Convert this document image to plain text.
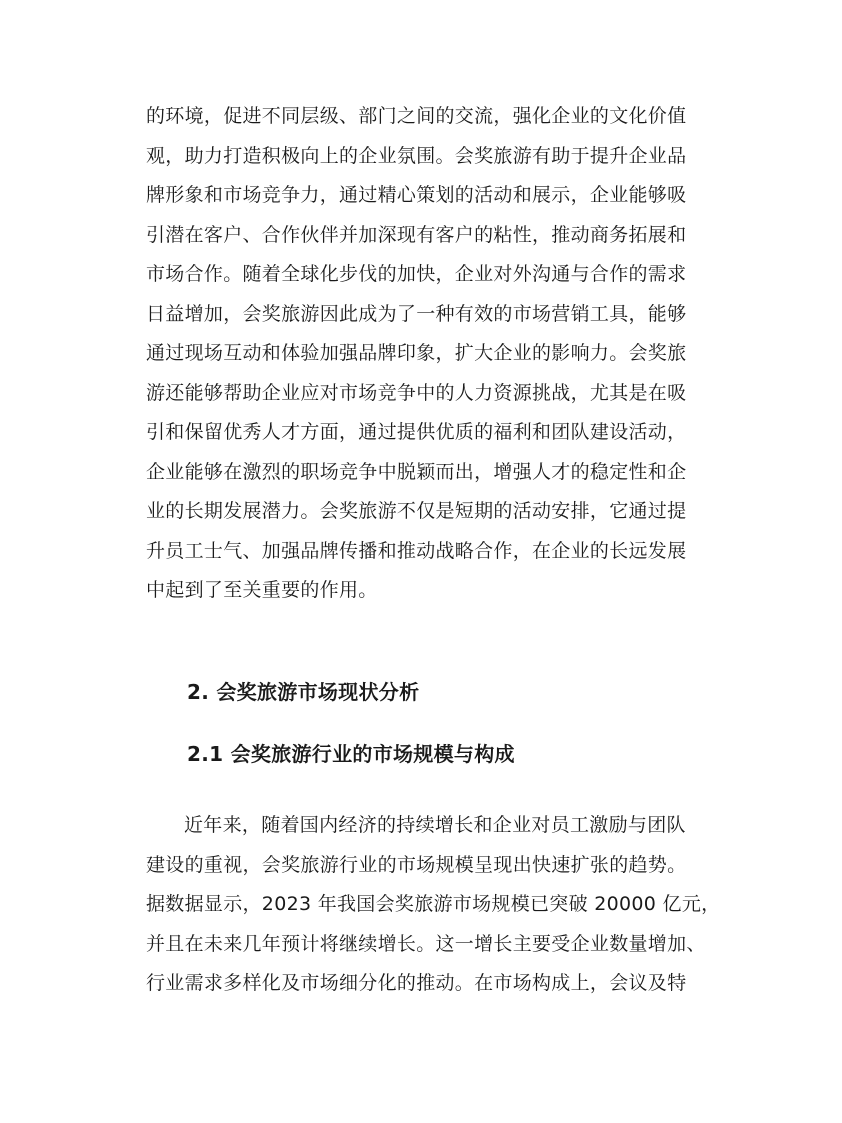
的环境，促进不同层级、部门之间的交流，强化企业的文化价值
观，助力打造积极向上的企业氛围。会奖旅游有助于提升企业品
牌形象和市场竞争力，通过精心策划的活动和展示，企业能够吸
引潜在客户、合作伙伴并加深现有客户的粘性，推动商务拓展和
市场合作。随着全球化步伐的加快，企业对外沟通与合作的需求
日益增加，会奖旅游因此成为了一种有效的市场营销工具，能够
通过现场互动和体验加强品牌印象，扩大企业的影响力。会奖旅
游还能够帮助企业应对市场竞争中的人力资源挑战，尤其是在吸
引和保留优秀人才方面，通过提供优质的福利和团队建设活动，
企业能够在激烈的职场竞争中脱颖而出，增强人才的稳定性和企
业的长期发展潜力。会奖旅游不仅是短期的活动安排，它通过提
升员工士气、加强品牌传播和推动战略合作，在企业的长远发展
中起到了至关重要的作用。
2. 会奖旅游市场现状分析
2.1 会奖旅游行业的市场规模与构成
近年来，随着国内经济的持续增长和企业对员工激励与团队
建设的重视，会奖旅游行业的市场规模呈现出快速扩张的趋势。
据数据显示，2023 年我国会奖旅游市场规模已突破 20000 亿元，
并且在未来几年预计将继续增长。这一增长主要受企业数量增加、
行业需求多样化及市场细分化的推动。在市场构成上，会议及特
